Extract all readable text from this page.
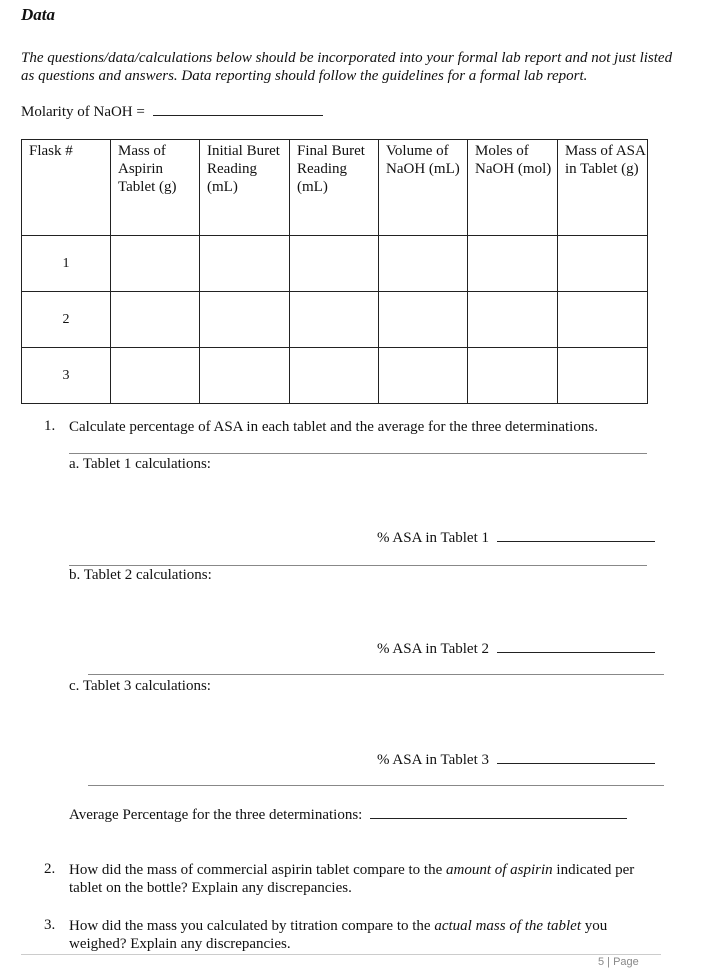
Data
The questions/data/calculations below should be incorporated into your formal lab report and not just listed as questions and answers. Data reporting should follow the guidelines for a formal lab report.
Molarity of NaOH =
Flask #	Mass of Aspirin Tablet (g)	Initial Buret Reading (mL)	Final Buret Reading (mL)	Volume of NaOH (mL)	Moles of NaOH (mol)	Mass of ASA in Tablet (g)
1						
2						
3						
1. Calculate percentage of ASA in each tablet and the average for the three determinations.
a. Tablet 1 calculations:
% ASA in Tablet 1
b. Tablet 2 calculations:
% ASA in Tablet 2
c. Tablet 3 calculations:
% ASA in Tablet 3
Average Percentage for the three determinations:
2. How did the mass of commercial aspirin tablet compare to the amount of aspirin indicated per tablet on the bottle? Explain any discrepancies.
3. How did the mass you calculated by titration compare to the actual mass of the tablet you weighed? Explain any discrepancies.
5 | Page
